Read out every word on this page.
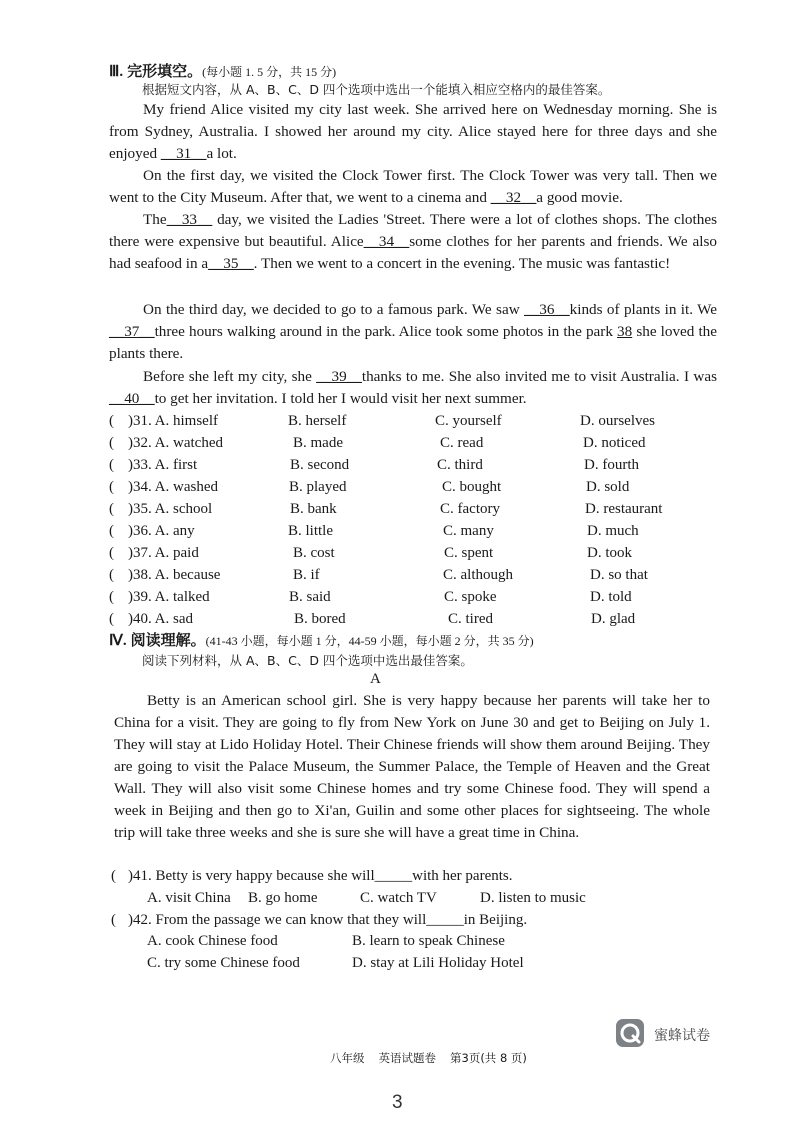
Ⅲ. 完形填空。(每小题 1. 5 分，共 15 分)
根据短文内容，从 A、B、C、D 四个选项中选出一个能填入相应空格内的最佳答案。

My friend Alice visited my city last week. She arrived here on Wednesday morning. She is from Sydney, Australia. I showed her around my city. Alice stayed here for three days and she enjoyed __31__a lot.

On the first day, we visited the Clock Tower first. The Clock Tower was very tall. Then we went to the City Museum. After that, we went to a cinema and __32__a good movie.

The__33__ day, we visited the Ladies 'Street. There were a lot of clothes shops. The clothes there were expensive but beautiful. Alice__34__some clothes for her parents and friends. We also had seafood in a__35__. Then we went to a concert in the evening. The music was fantastic!

On the third day, we decided to go to a famous park. We saw __36__kinds of plants in it. We __37__three hours walking around in the park. Alice took some photos in the park 38 she loved the plants there.

Before she left my city, she __39__thanks to me. She also invited me to visit Australia. I was __40__to get her invitation. I told her I would visit her next summer.

( )31. A. himself	B. herself	C. yourself	D. ourselves
( )32. A. watched	B. made	C. read	D. noticed
( )33. A. first	B. second	C. third	D. fourth
( )34. A. washed	B. played	C. bought	D. sold
( )35. A. school	B. bank	C. factory	D. restaurant
( )36. A. any	B. little	C. many	D. much
( )37. A. paid	B. cost	C. spent	D. took
( )38. A. because	B. if	C. although	D. so that
( )39. A. talked	B. said	C. spoke	D. told
( )40. A. sad	B. bored	C. tired	D. glad
Ⅳ. 阅读理解。(41-43 小题，每小题 1 分，44-59 小题，每小题 2 分，共 35 分)
阅读下列材料，从 A、B、C、D 四个选项中选出最佳答案。
A

Betty is an American school girl. She is very happy because her parents will take her to China for a visit. They are going to fly from New York on June 30 and get to Beijing on July 1. They will stay at Lido Holiday Hotel. Their Chinese friends will show them around Beijing. They are going to visit the Palace Museum, the Summer Palace, the Temple of Heaven and the Great Wall. They will also visit some Chinese homes and try some Chinese food. They will spend a week in Beijing and then go to Xi'an, Guilin and some other places for sightseeing. The whole trip will take three weeks and she is sure she will have a great time in China.

( )41. Betty is very happy because she will_____with her parents.
A. visit China B. go home	C. watch TV	D. listen to music
( )42. From the passage we can know that they will_____in Beijing.
A. cook Chinese food	B. learn to speak Chinese
C. try some Chinese food	D. stay at Lili Holiday Hotel
蜜蜂试卷
八年级 英语试题卷 第3页(共 8 页)
3
